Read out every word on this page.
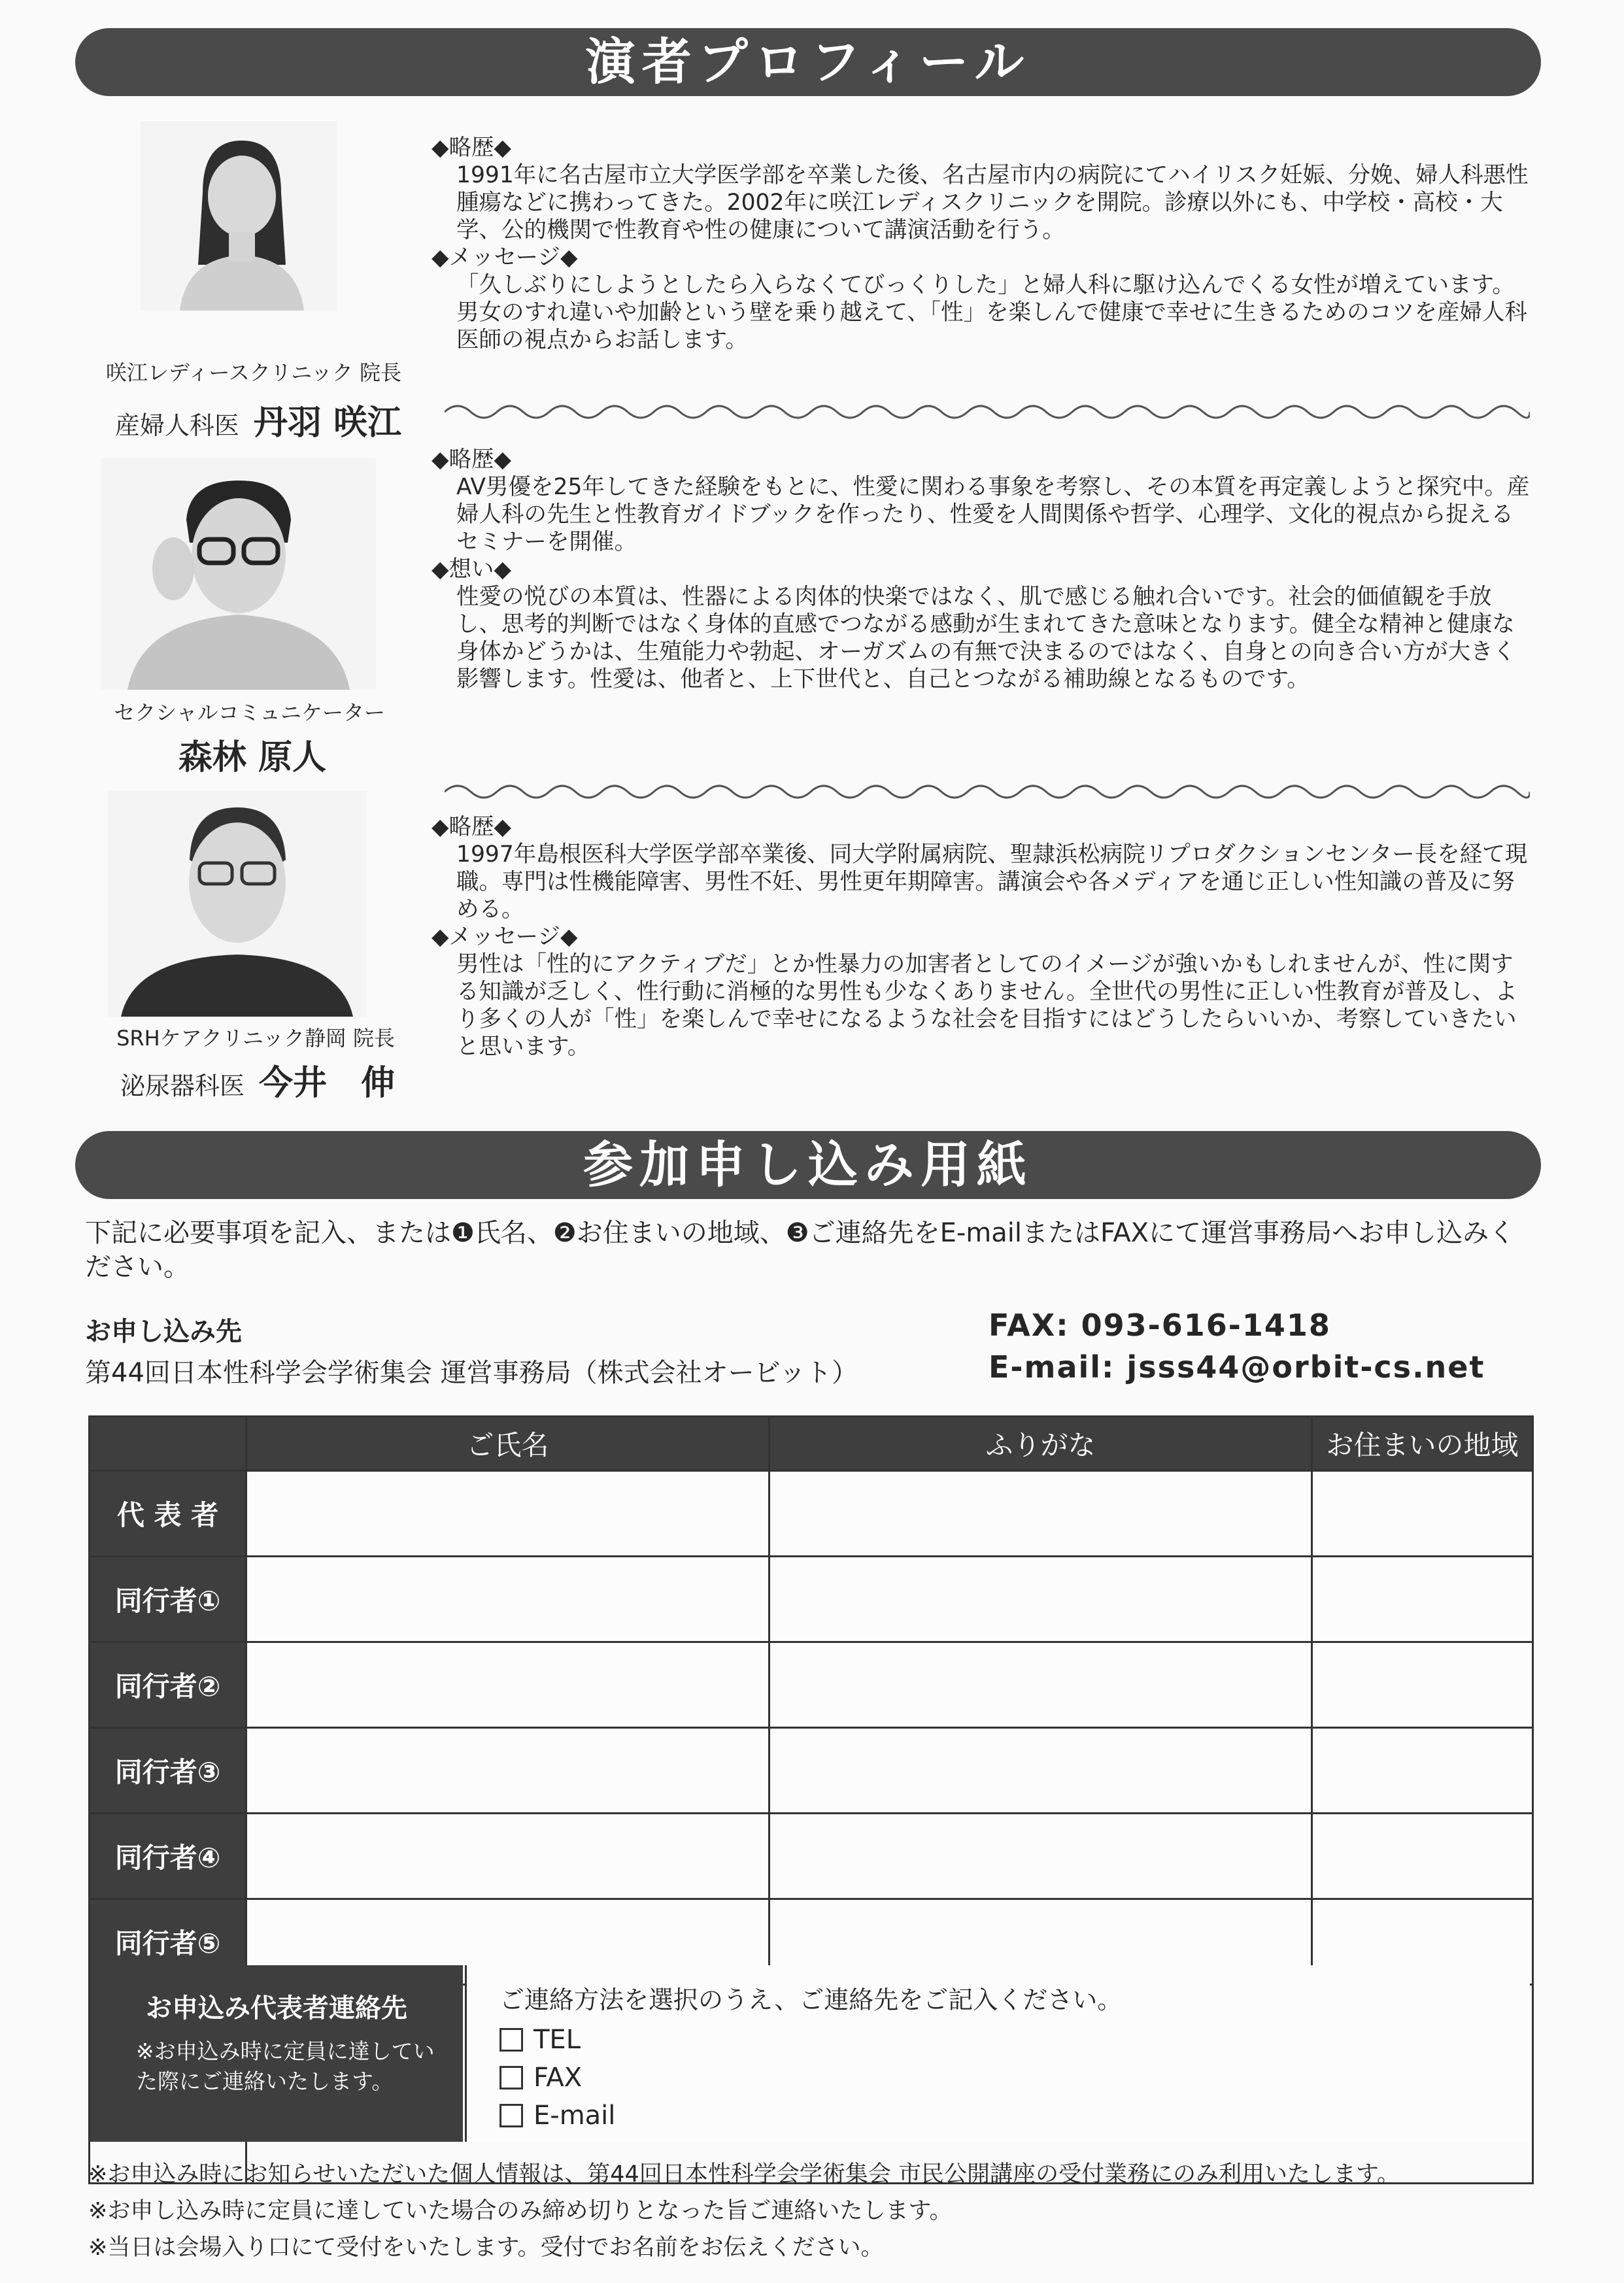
演者プロフィール
咲江レディースクリニック 院長
産婦人科医 丹羽 咲江
◆略歴◆

1991年に名古屋市立大学医学部を卒業した後、名古屋市内の病院にてハイリスク妊娠、分娩、婦人科悪性腫瘍などに携わってきた。2002年に咲江レディスクリニックを開院。診療以外にも、中学校・高校・大学、公的機関で性教育や性の健康について講演活動を行う。

◆メッセージ◆

「久しぶりにしようとしたら入らなくてびっくりした」と婦人科に駆け込んでくる女性が増えています。男女のすれ違いや加齢という壁を乗り越えて、「性」を楽しんで健康で幸せに生きるためのコツを産婦人科医師の視点からお話します。

セクシャルコミュニケーター
森林 原人
◆略歴◆

AV男優を25年してきた経験をもとに、性愛に関わる事象を考察し、その本質を再定義しようと探究中。産婦人科の先生と性教育ガイドブックを作ったり、性愛を人間関係や哲学、心理学、文化的視点から捉えるセミナーを開催。

◆想い◆

性愛の悦びの本質は、性器による肉体的快楽ではなく、肌で感じる触れ合いです。社会的価値観を手放し、思考的判断ではなく身体的直感でつながる感動が生まれてきた意味となります。健全な精神と健康な身体かどうかは、生殖能力や勃起、オーガズムの有無で決まるのではなく、自身との向き合い方が大きく影響します。性愛は、他者と、上下世代と、自己とつながる補助線となるものです。

SRHケアクリニック静岡 院長
泌尿器科医 今井　伸
◆略歴◆

1997年島根医科大学医学部卒業後、同大学附属病院、聖隷浜松病院リプロダクションセンター長を経て現職。専門は性機能障害、男性不妊、男性更年期障害。講演会や各メディアを通じ正しい性知識の普及に努める。

◆メッセージ◆

男性は「性的にアクティブだ」とか性暴力の加害者としてのイメージが強いかもしれませんが、性に関する知識が乏しく、性行動に消極的な男性も少なくありません。全世代の男性に正しい性教育が普及し、より多くの人が「性」を楽しんで幸せになるような社会を目指すにはどうしたらいいか、考察していきたいと思います。

参加申し込み用紙
下記に必要事項を記入、または❶氏名、❷お住まいの地域、❸ご連絡先をE-mailまたはFAXにて運営事務局へお申し込みください。
お申し込み先
第44回日本性科学会学術集会 運営事務局（株式会社オービット）
FAX: 093-616-1418
E-mail: jsss44@orbit-cs.net
	ご氏名	ふりがな	お住まいの地域
代 表 者			
同行者①			
同行者②			
同行者③			
同行者④			
同行者⑤			

お申込み代表者連絡先
※お申込み時に定員に達していた際にご連絡いたします。
ご連絡方法を選択のうえ、ご連絡先をご記入ください。
TEL
FAX
E-mail
※お申込み時にお知らせいただいた個人情報は、第44回日本性科学会学術集会 市民公開講座の受付業務にのみ利用いたします。
※お申し込み時に定員に達していた場合のみ締め切りとなった旨ご連絡いたします。
※当日は会場入り口にて受付をいたします。受付でお名前をお伝えください。
